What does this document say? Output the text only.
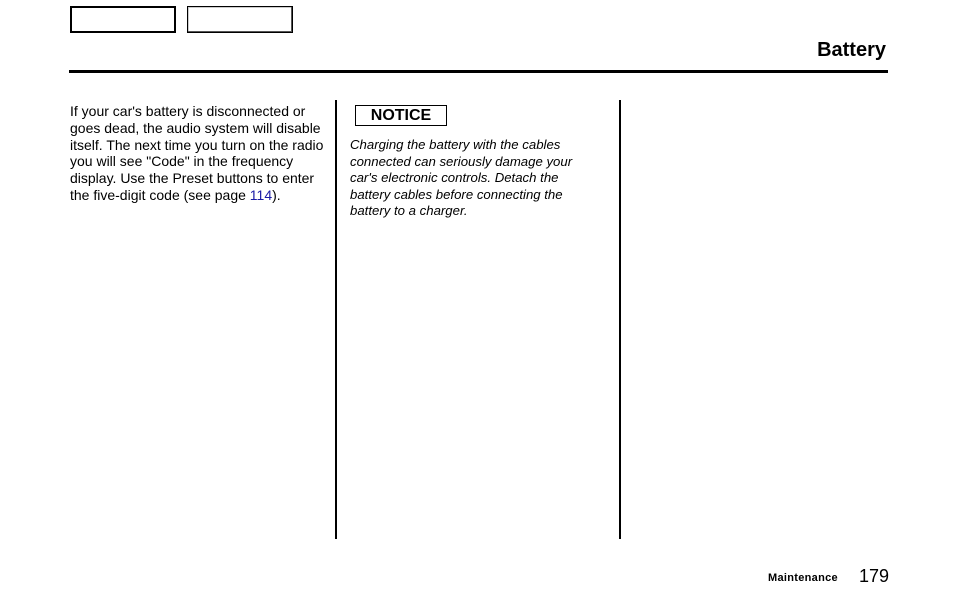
Battery
If your car's battery is disconnected or goes dead, the audio system will disable itself. The next time you turn on the radio you will see "Code" in the frequency display. Use the Preset buttons to enter the five-digit code (see page 114).
NOTICE
Charging the battery with the cables connected can seriously damage your car's electronic controls. Detach the battery cables before connecting the battery to a charger.
Maintenance 179
